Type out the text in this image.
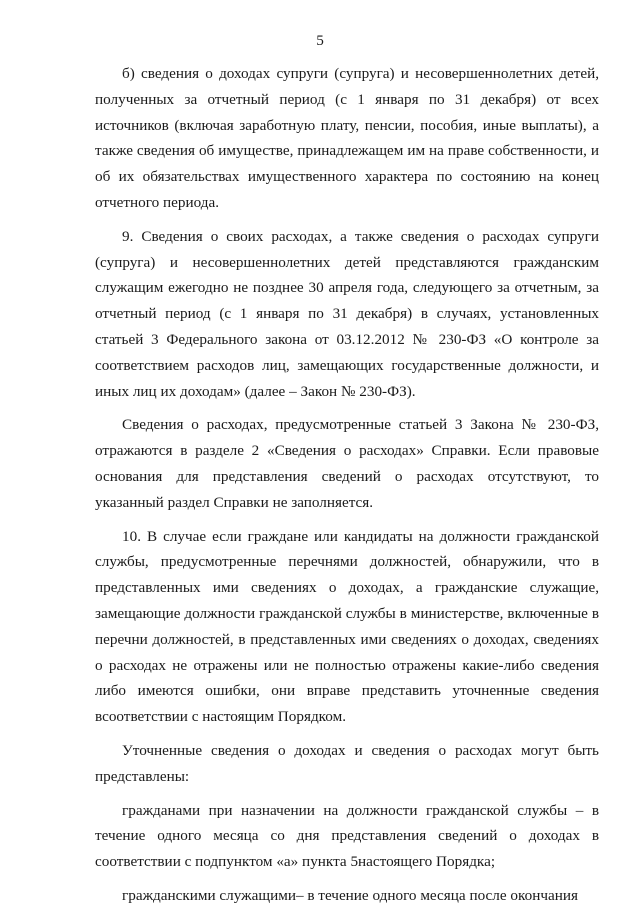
5

б) сведения о доходах супруги (супруга) и несовершеннолетних детей, полученных за отчетный период (с 1 января по 31 декабря) от всех источников (включая заработную плату, пенсии, пособия, иные выплаты), а также сведения об имуществе, принадлежащем им на праве собственности, и об их обязательствах имущественного характера по состоянию на конец отчетного периода.

9. Сведения о своих расходах, а также сведения о расходах супруги (супруга) и несовершеннолетних детей представляются гражданским служащим ежегодно не позднее 30 апреля года, следующего за отчетным, за отчетный период (с 1 января по 31 декабря) в случаях, установленных статьей 3 Федерального закона от 03.12.2012 № 230-ФЗ «О контроле за соответствием расходов лиц, замещающих государственные должности, и иных лиц их доходам» (далее – Закон № 230-ФЗ).

Сведения о расходах, предусмотренные статьей 3 Закона № 230-ФЗ, отражаются в разделе 2 «Сведения о расходах» Справки. Если правовые основания для представления сведений о расходах отсутствуют, то указанный раздел Справки не заполняется.

10. В случае если граждане или кандидаты на должности гражданской службы, предусмотренные перечнями должностей, обнаружили, что в представленных ими сведениях о доходах, а гражданские служащие, замещающие должности гражданской службы в министерстве, включенные в перечни должностей, в представленных ими сведениях о доходах, сведениях о расходах не отражены или не полностью отражены какие-либо сведения либо имеются ошибки, они вправе представить уточненные сведения всоответствии с настоящим Порядком.

Уточненные сведения о доходах и сведения о расходах могут быть представлены:

гражданами при назначении на должности гражданской службы – в течение одного месяца со дня представления сведений о доходах в соответствии с подпунктом «а» пункта 5настоящего Порядка;

гражданскими служащими– в течение одного месяца после окончания
